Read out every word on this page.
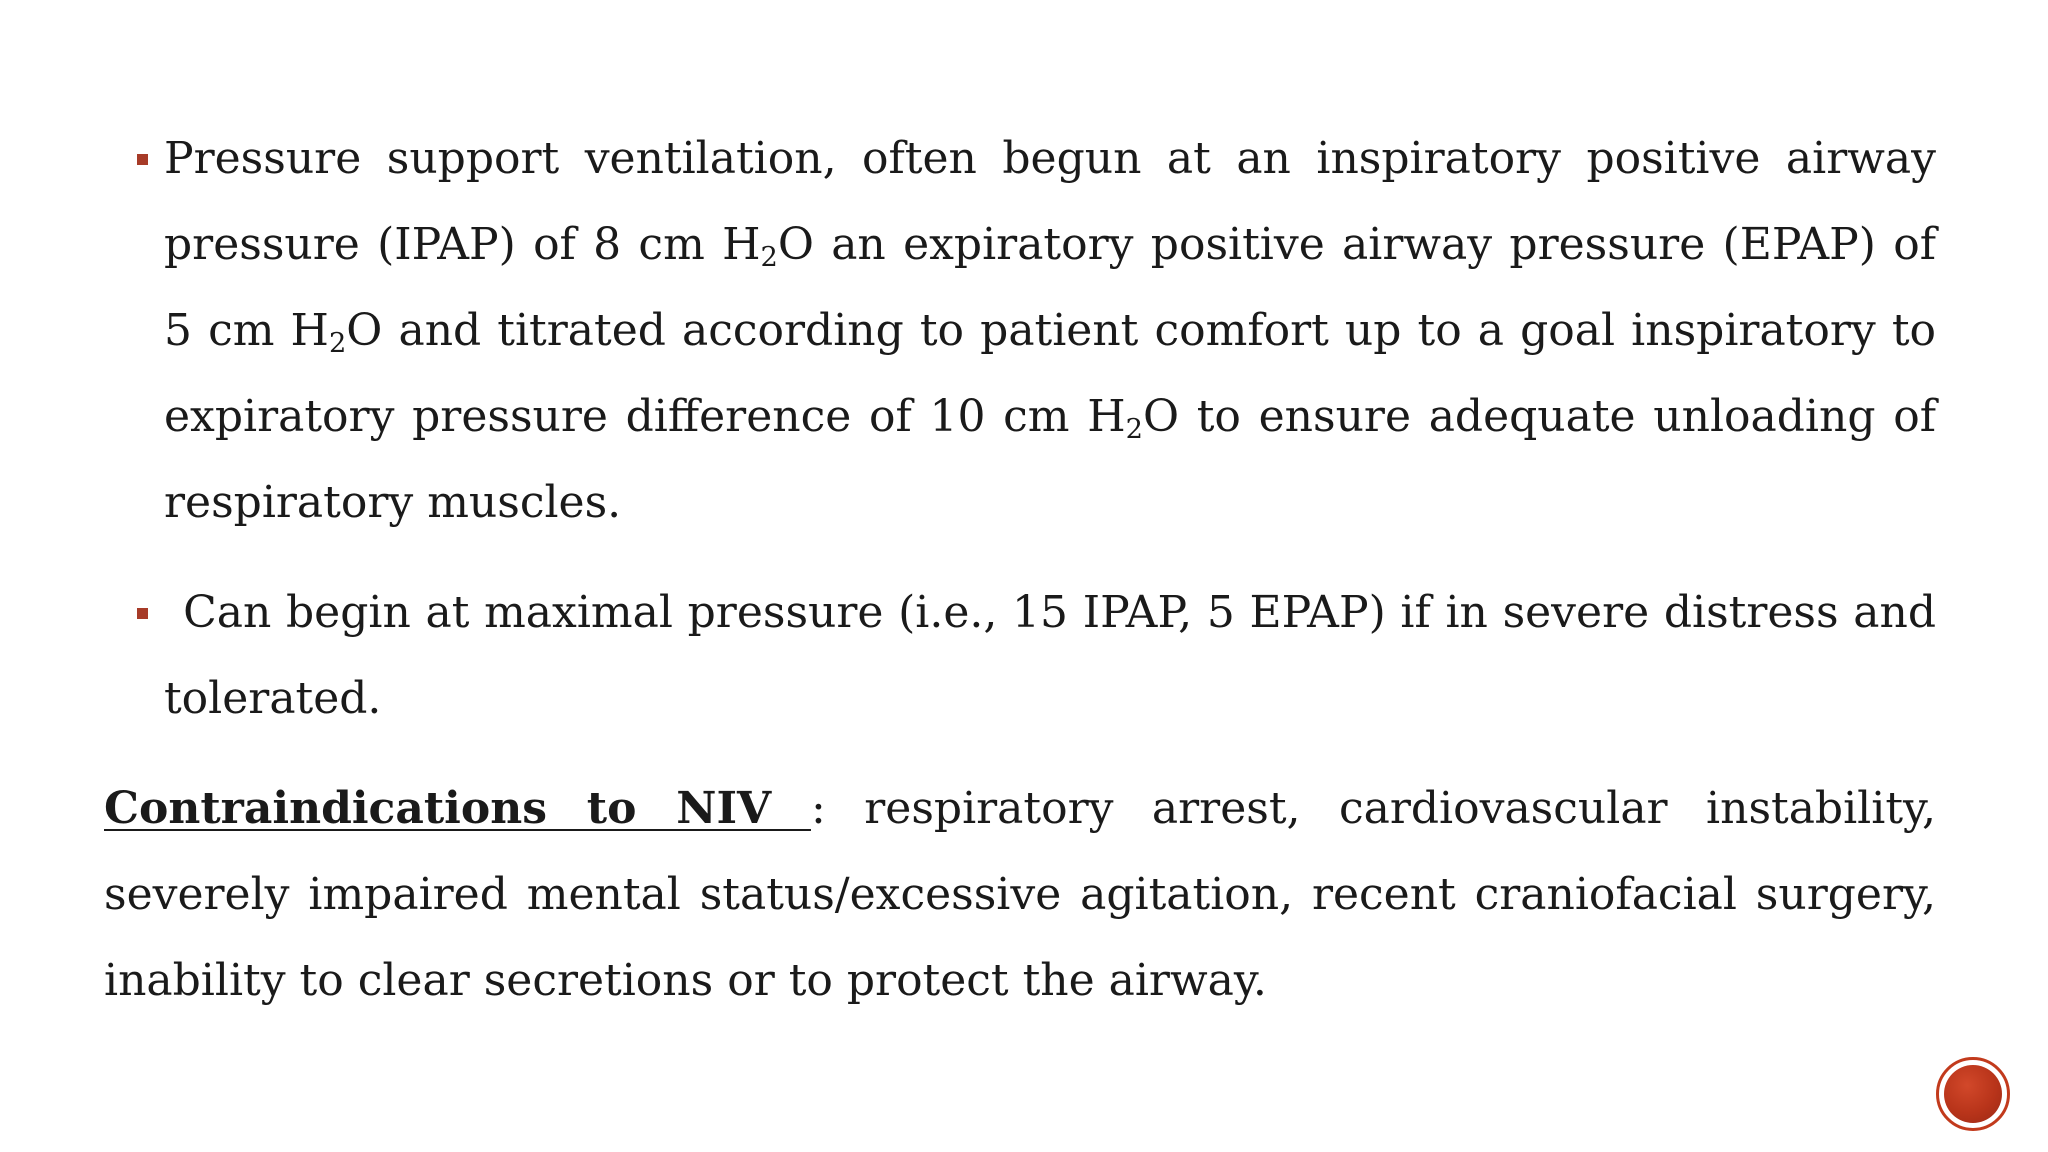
Pressure support ventilation, often begun at an inspiratory positive airway pressure (IPAP) of 8 cm $H_2O$ an expiratory positive airway pressure (EPAP) of 5 cm $H_2O$ and titrated according to patient comfort up to a goal inspiratory to expiratory pressure difference of 10 cm $H_2O$ to ensure adequate unloading of respiratory muscles.
  Can begin at maximal pressure (i.e., 15 IPAP, 5 EPAP) if in severe distress and tolerated.
Contraindications to NIV : respiratory arrest, cardiovascular instability, severely impaired mental status/excessive agitation, recent craniofacial surgery, inability to clear secretions or to protect the airway.
